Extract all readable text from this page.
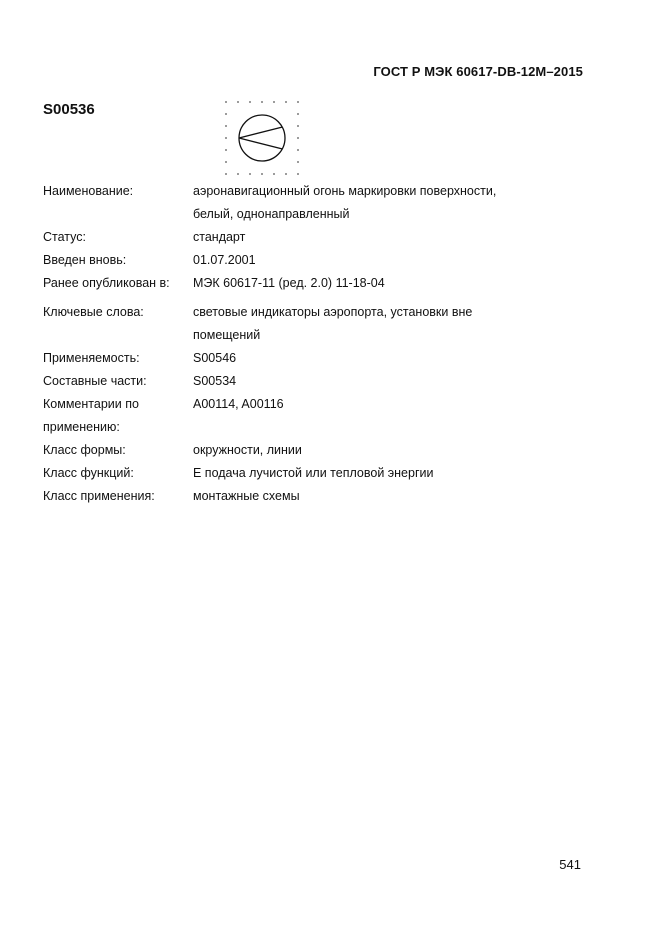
ГОСТ Р МЭК 60617-DB-12M–2015
S00536
Наименование:	аэронавигационный огонь маркировки поверхности,
белый, однонаправленный
Статус:	стандарт
Введен вновь:	01.07.2001
Ранее опубликован в:	МЭК 60617-11 (ред. 2.0) 11-18-04
Ключевые слова:	световые индикаторы аэропорта, установки вне
помещений
Применяемость:	S00546
Составные части:	S00534
Комментарии по	A00114, A00116
применению:
Класс формы:	окружности, линии
Класс функций:	E подача лучистой или тепловой энергии
Класс применения:	монтажные схемы
541
